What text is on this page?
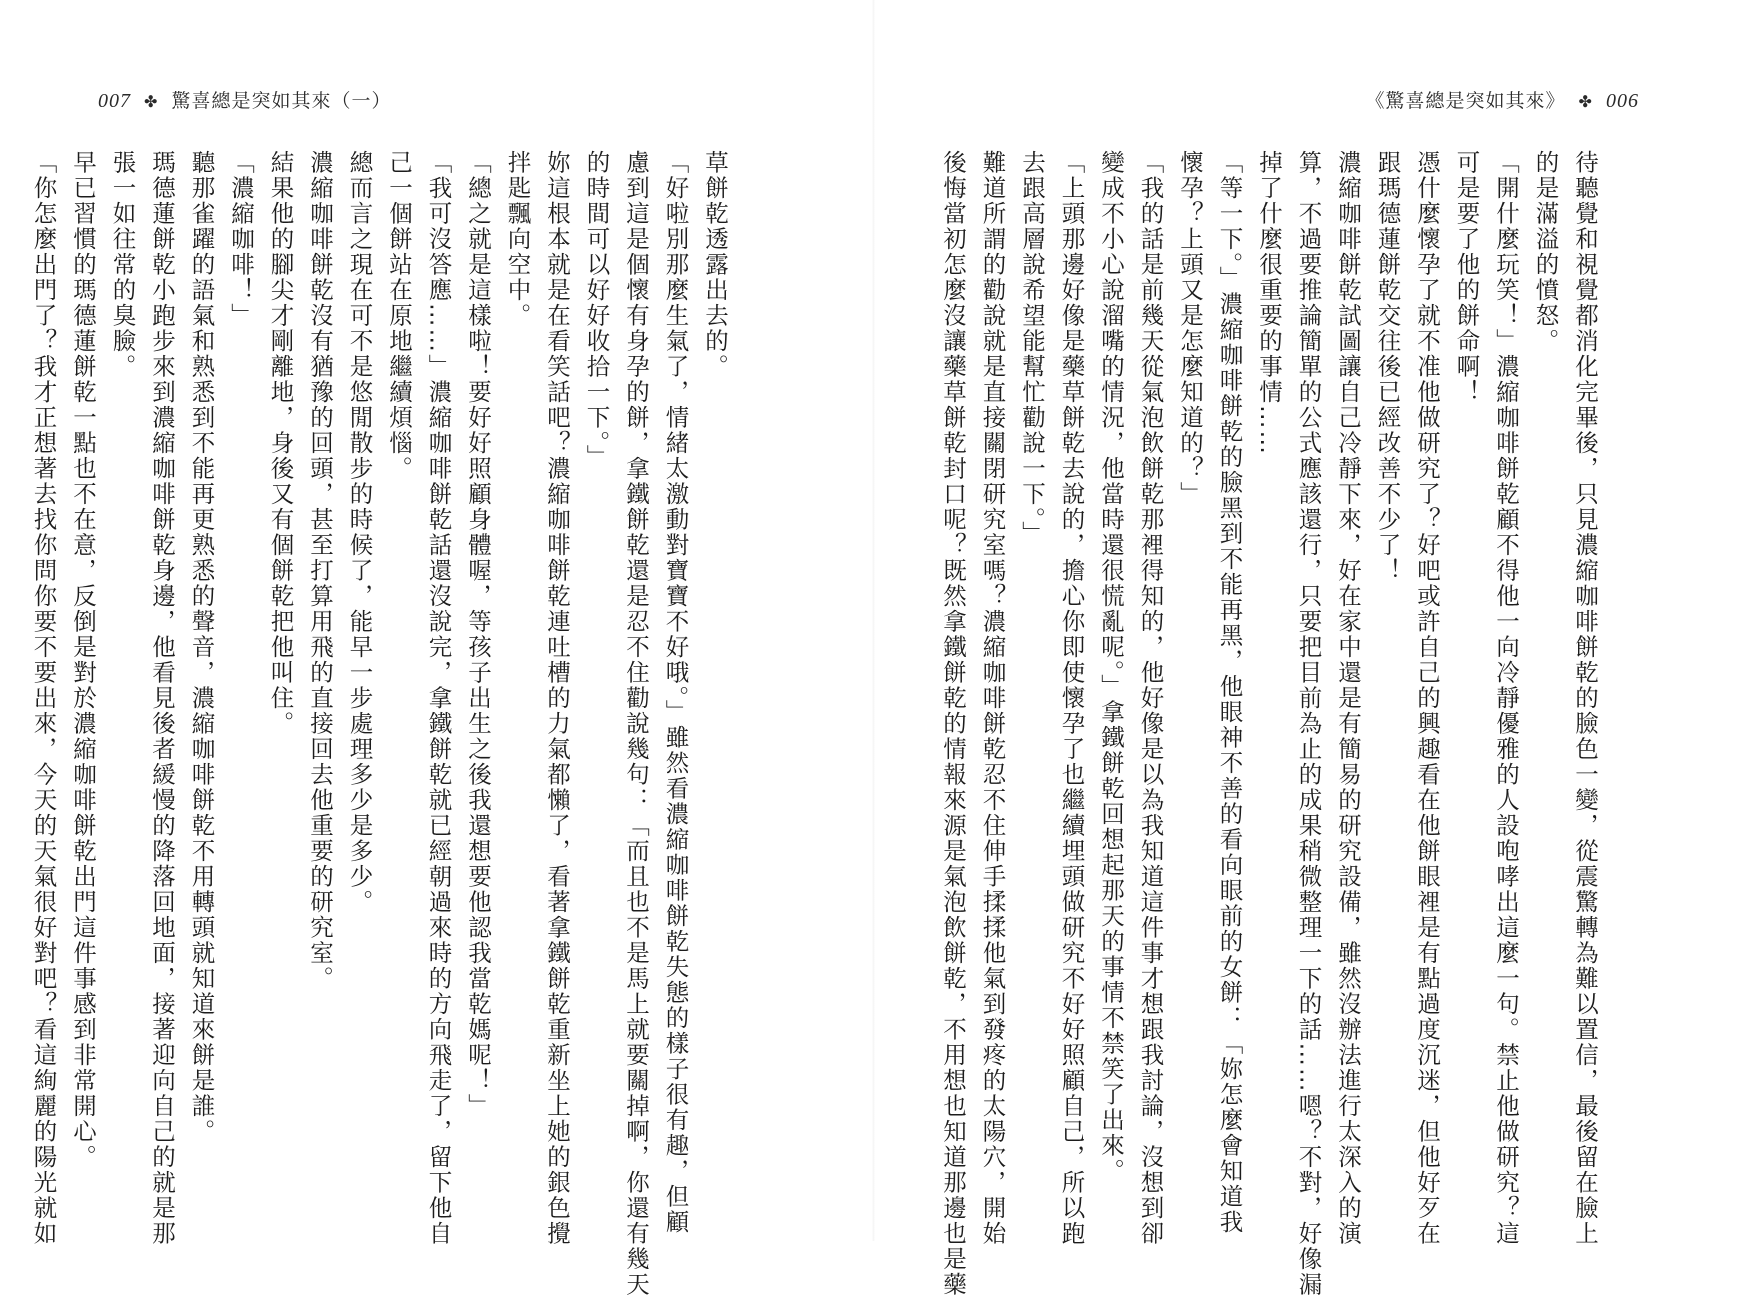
007 ✤ 驚喜總是突如其來（一）
草餅乾透露出去的。
「好啦別那麼生氣了，情緒太激動對寶寶不好哦。」雖然看濃縮咖啡餅乾失態的樣子很有趣，但顧
慮到這是個懷有身孕的餅，拿鐵餅乾還是忍不住勸說幾句：「而且也不是馬上就要關掉啊，你還有幾天
的時間可以好好收拾一下。」
妳這根本就是在看笑話吧？濃縮咖啡餅乾連吐槽的力氣都懶了，看著拿鐵餅乾重新坐上她的銀色攪
拌匙飄向空中。
「總之就是這樣啦！要好好照顧身體喔，等孩子出生之後我還想要他認我當乾媽呢！」
「我可沒答應……」濃縮咖啡餅乾話還沒說完，拿鐵餅乾就已經朝過來時的方向飛走了，留下他自
己一個餅站在原地繼續煩惱。
總而言之現在可不是悠閒散步的時候了，能早一步處理多少是多少。
濃縮咖啡餅乾沒有猶豫的回頭，甚至打算用飛的直接回去他重要的研究室。
結果他的腳尖才剛離地，身後又有個餅乾把他叫住。
「濃縮咖啡！」
聽那雀躍的語氣和熟悉到不能再更熟悉的聲音，濃縮咖啡餅乾不用轉頭就知道來餅是誰。
瑪德蓮餅乾小跑步來到濃縮咖啡餅乾身邊，他看見後者緩慢的降落回地面，接著迎向自己的就是那
張一如往常的臭臉。
早已習慣的瑪德蓮餅乾一點也不在意，反倒是對於濃縮咖啡餅乾出門這件事感到非常開心。
「你怎麼出門了？我才正想著去找你問你要不要出來，今天的天氣很好對吧？看這絢麗的陽光就如
《驚喜總是突如其來》 ✤ 006
待聽覺和視覺都消化完畢後，只見濃縮咖啡餅乾的臉色一變，從震驚轉為難以置信，最後留在臉上
的是滿溢的憤怒。
「開什麼玩笑！」濃縮咖啡餅乾顧不得他一向冷靜優雅的人設咆哮出這麼一句。禁止他做研究？這
可是要了他的餅命啊！
憑什麼懷孕了就不准他做研究了？好吧或許自己的興趣看在他餅眼裡是有點過度沉迷，但他好歹在
跟瑪德蓮餅乾交往後已經改善不少了！
濃縮咖啡餅乾試圖讓自己冷靜下來，好在家中還是有簡易的研究設備，雖然沒辦法進行太深入的演
算，不過要推論簡單的公式應該還行，只要把目前為止的成果稍微整理一下的話……嗯？不對，好像漏
掉了什麼很重要的事情……
「等一下。」濃縮咖啡餅乾的臉黑到不能再黑，他眼神不善的看向眼前的女餅：「妳怎麼會知道我
懷孕？上頭又是怎麼知道的？」
「我的話是前幾天從氣泡飲餅乾那裡得知的，他好像是以為我知道這件事才想跟我討論，沒想到卻
變成不小心說溜嘴的情況，他當時還很慌亂呢。」拿鐵餅乾回想起那天的事情不禁笑了出來。
「上頭那邊好像是藥草餅乾去說的，擔心你即使懷孕了也繼續埋頭做研究不好好照顧自己，所以跑
去跟高層說希望能幫忙勸說一下。」
難道所謂的勸說就是直接關閉研究室嗎？濃縮咖啡餅乾忍不住伸手揉揉他氣到發疼的太陽穴，開始
後悔當初怎麼沒讓藥草餅乾封口呢？既然拿鐵餅乾的情報來源是氣泡飲餅乾，不用想也知道那邊也是藥
